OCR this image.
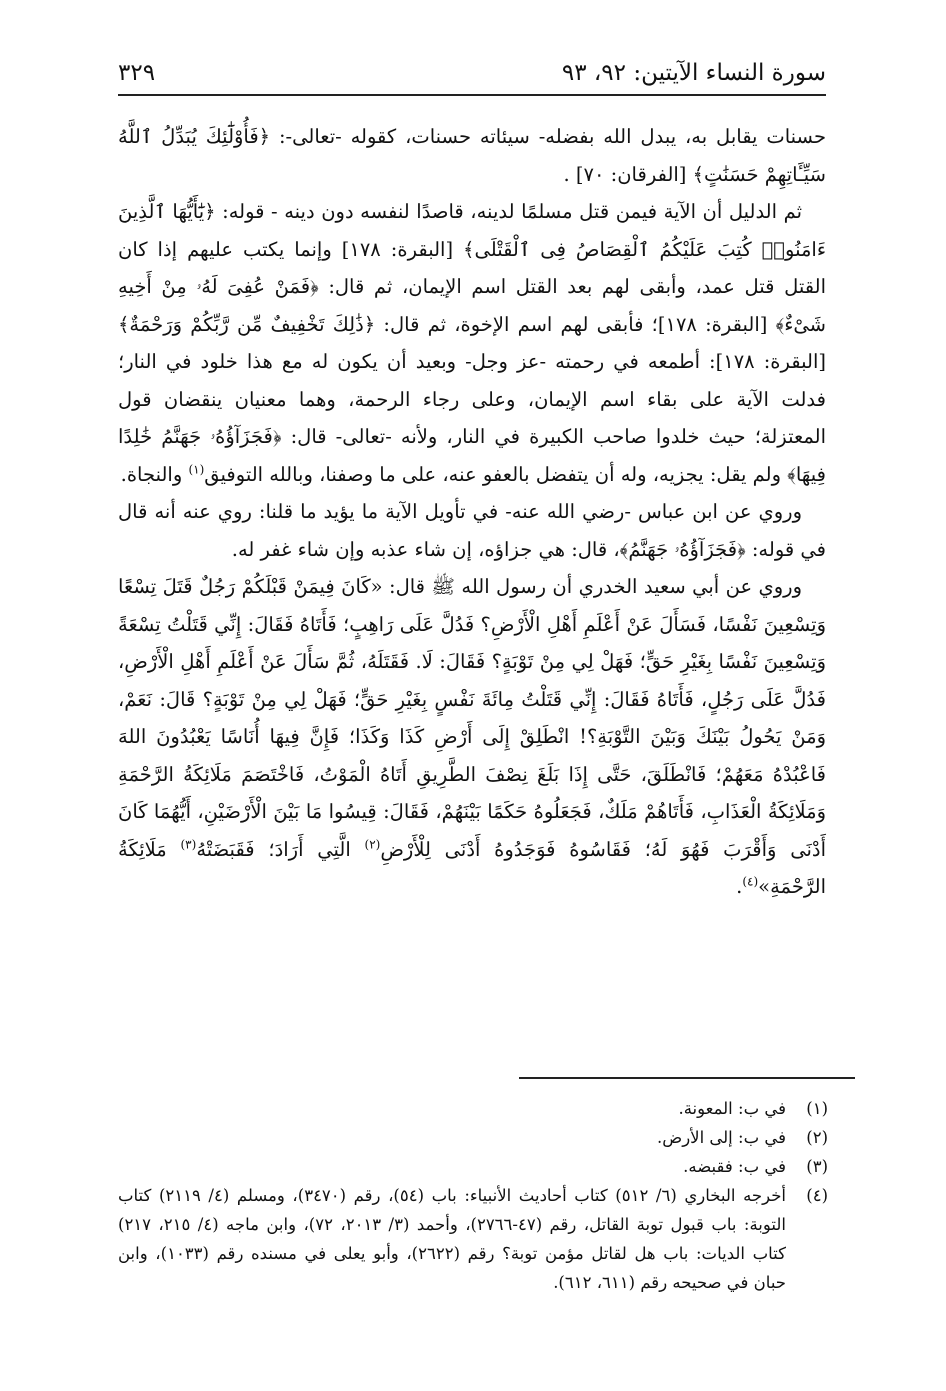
سورة النساء الآيتين: ٩٢، ٩٣
٣٢٩

حسنات يقابل به، يبدل الله بفضله- سيئاته حسنات، كقوله -تعالى-: ﴿فَأُوْلَٰٓئِكَ يُبَدِّلُ ٱللَّهُ سَيِّـَٔاتِهِمْ حَسَنَٰتٍ﴾ [الفرقان: ٧٠] .

ثم الدليل أن الآية فيمن قتل مسلمًا لدينه، قاصدًا لنفسه دون دينه - قوله: ﴿يَٰٓأَيُّهَا ٱلَّذِينَ ءَامَنُوا۟ كُتِبَ عَلَيْكُمُ ٱلْقِصَاصُ فِى ٱلْقَتْلَى﴾ [البقرة: ١٧٨] وإنما يكتب عليهم إذا كان القتل قتل عمد، وأبقى لهم بعد القتل اسم الإيمان، ثم قال: ﴿فَمَنْ عُفِىَ لَهُۥ مِنْ أَخِيهِ شَىْءٌ﴾ [البقرة: ١٧٨]؛ فأبقى لهم اسم الإخوة، ثم قال: ﴿ذَٰلِكَ تَخْفِيفٌ مِّن رَّبِّكُمْ وَرَحْمَةٌ﴾ [البقرة: ١٧٨]: أطمعه في رحمته -عز وجل- وبعيد أن يكون له مع هذا خلود في النار؛ فدلت الآية على بقاء اسم الإيمان، وعلى رجاء الرحمة، وهما معنيان ينقضان قول المعتزلة؛ حيث خلدوا صاحب الكبيرة في النار، ولأنه -تعالى- قال: ﴿فَجَزَآؤُهُۥ جَهَنَّمُ خَٰلِدًا فِيهَا﴾ ولم يقل: يجزيه، وله أن يتفضل بالعفو عنه، على ما وصفنا، وبالله التوفيق$^{(١)}$ والنجاة.

وروي عن ابن عباس -رضي الله عنه- في تأويل الآية ما يؤيد ما قلنا: روي عنه أنه قال في قوله: ﴿فَجَزَآؤُهُۥ جَهَنَّمُ﴾، قال: هي جزاؤه، إن شاء عذبه وإن شاء غفر له.

وروي عن أبي سعيد الخدري أن رسول الله ﷺ قال: «كَانَ فِيمَنْ قَبْلَكُمْ رَجُلٌ قَتَلَ تِسْعًا وَتِسْعِينَ نَفْسًا، فَسَأَلَ عَنْ أَعْلَمِ أَهْلِ الْأَرْضِ؟ فَدُلَّ عَلَى رَاهِبٍ؛ فَأَتَاهُ فَقَالَ: إِنِّي قَتَلْتُ تِسْعَةً وَتِسْعِينَ نَفْسًا بِغَيْرِ حَقٍّ؛ فَهَلْ لِي مِنْ تَوْبَةٍ؟ فَقَالَ: لَا. فَقَتَلَهُ، ثُمَّ سَأَلَ عَنْ أَعْلَمِ أَهْلِ الْأَرْضِ، فَدُلَّ عَلَى رَجُلٍ، فَأَتَاهُ فَقَالَ: إِنِّي قَتَلْتُ مِائَةَ نَفْسٍ بِغَيْرِ حَقٍّ؛ فَهَلْ لِي مِنْ تَوْبَةٍ؟ قَالَ: نَعَمْ، وَمَنْ يَحُولُ بَيْنَكَ وَبَيْنَ التَّوْبَةِ؟! انْطَلِقْ إِلَى أَرْضِ كَذَا وَكَذَا؛ فَإِنَّ فِيهَا أُنَاسًا يَعْبُدُونَ اللهَ فَاعْبُدْهُ مَعَهُمْ؛ فَانْطَلَقَ، حَتَّى إِذَا بَلَغَ نِصْفَ الطَّرِيقِ أَتَاهُ الْمَوْتُ، فَاخْتَصَمَ مَلَائِكَةُ الرَّحْمَةِ وَمَلَائِكَةُ الْعَذَابِ، فَأَتَاهُمْ مَلَكٌ، فَجَعَلُوهُ حَكَمًا بَيْنَهُمْ، فَقَالَ: قِيسُوا مَا بَيْنَ الْأَرْضَيْنِ، أَيُّهُمَا كَانَ أَدْنَى وَأَقْرَبَ فَهُوَ لَهُ؛ فَقَاسُوهُ فَوَجَدُوهُ أَدْنَى لِلْأَرْضِ$^{(٢)}$ الَّتِي أَرَادَ؛ فَقَبَضَتْهُ$^{(٣)}$ مَلَائِكَةُ الرَّحْمَةِ»$^{(٤)}$.

(١)
في ب: المعونة.
(٢)
في ب: إلى الأرض.
(٣)
في ب: فقبضه.
(٤)
أخرجه البخاري (٦/ ٥١٢) كتاب أحاديث الأنبياء: باب (٥٤)، رقم (٣٤٧٠)، ومسلم (٤/ ٢١١٩) كتاب التوبة: باب قبول توبة القاتل، رقم (٤٧-٢٧٦٦)، وأحمد (٣/ ٢٠١٣، ٧٢)، وابن ماجه (٤/ ٢١٥، ٢١٧) كتاب الديات: باب هل لقاتل مؤمن توبة؟ رقم (٢٦٢٢)، وأبو يعلى في مسنده رقم (١٠٣٣)، وابن حبان في صحيحه رقم (٦١١، ٦١٢).
